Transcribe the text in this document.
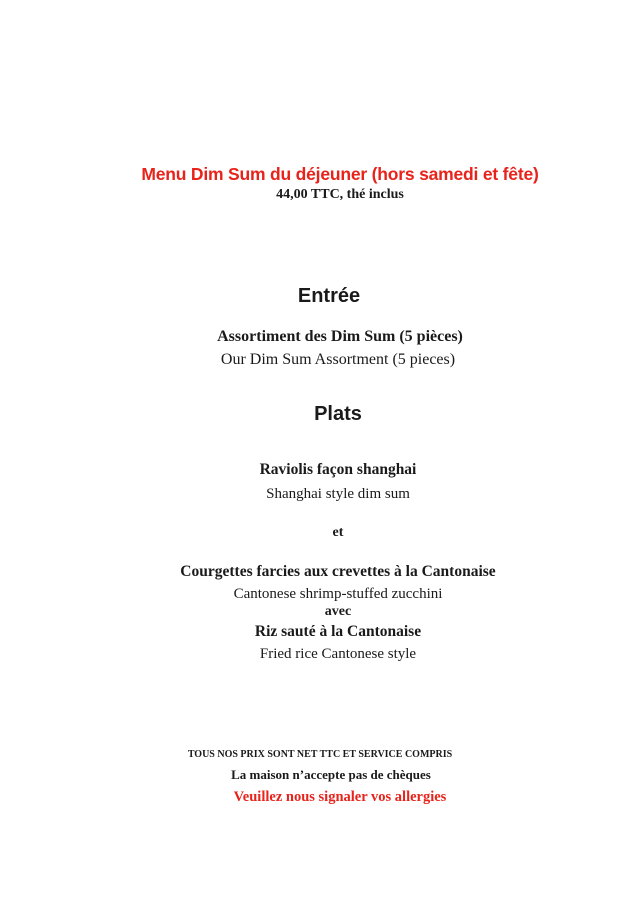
Menu Dim Sum du déjeuner (hors samedi et fête)
44,00 TTC, thé inclus
Entrée
Assortiment des Dim Sum (5 pièces)
Our Dim Sum Assortment (5 pieces)
Plats
Raviolis façon shanghai
Shanghai style dim sum
et
Courgettes farcies aux crevettes à la Cantonaise
Cantonese shrimp-stuffed zucchini
avec
Riz sauté à la Cantonaise
Fried rice Cantonese style
TOUS NOS PRIX SONT NET TTC ET SERVICE COMPRIS
La maison n’accepte pas de chèques
Veuillez nous signaler vos allergies
